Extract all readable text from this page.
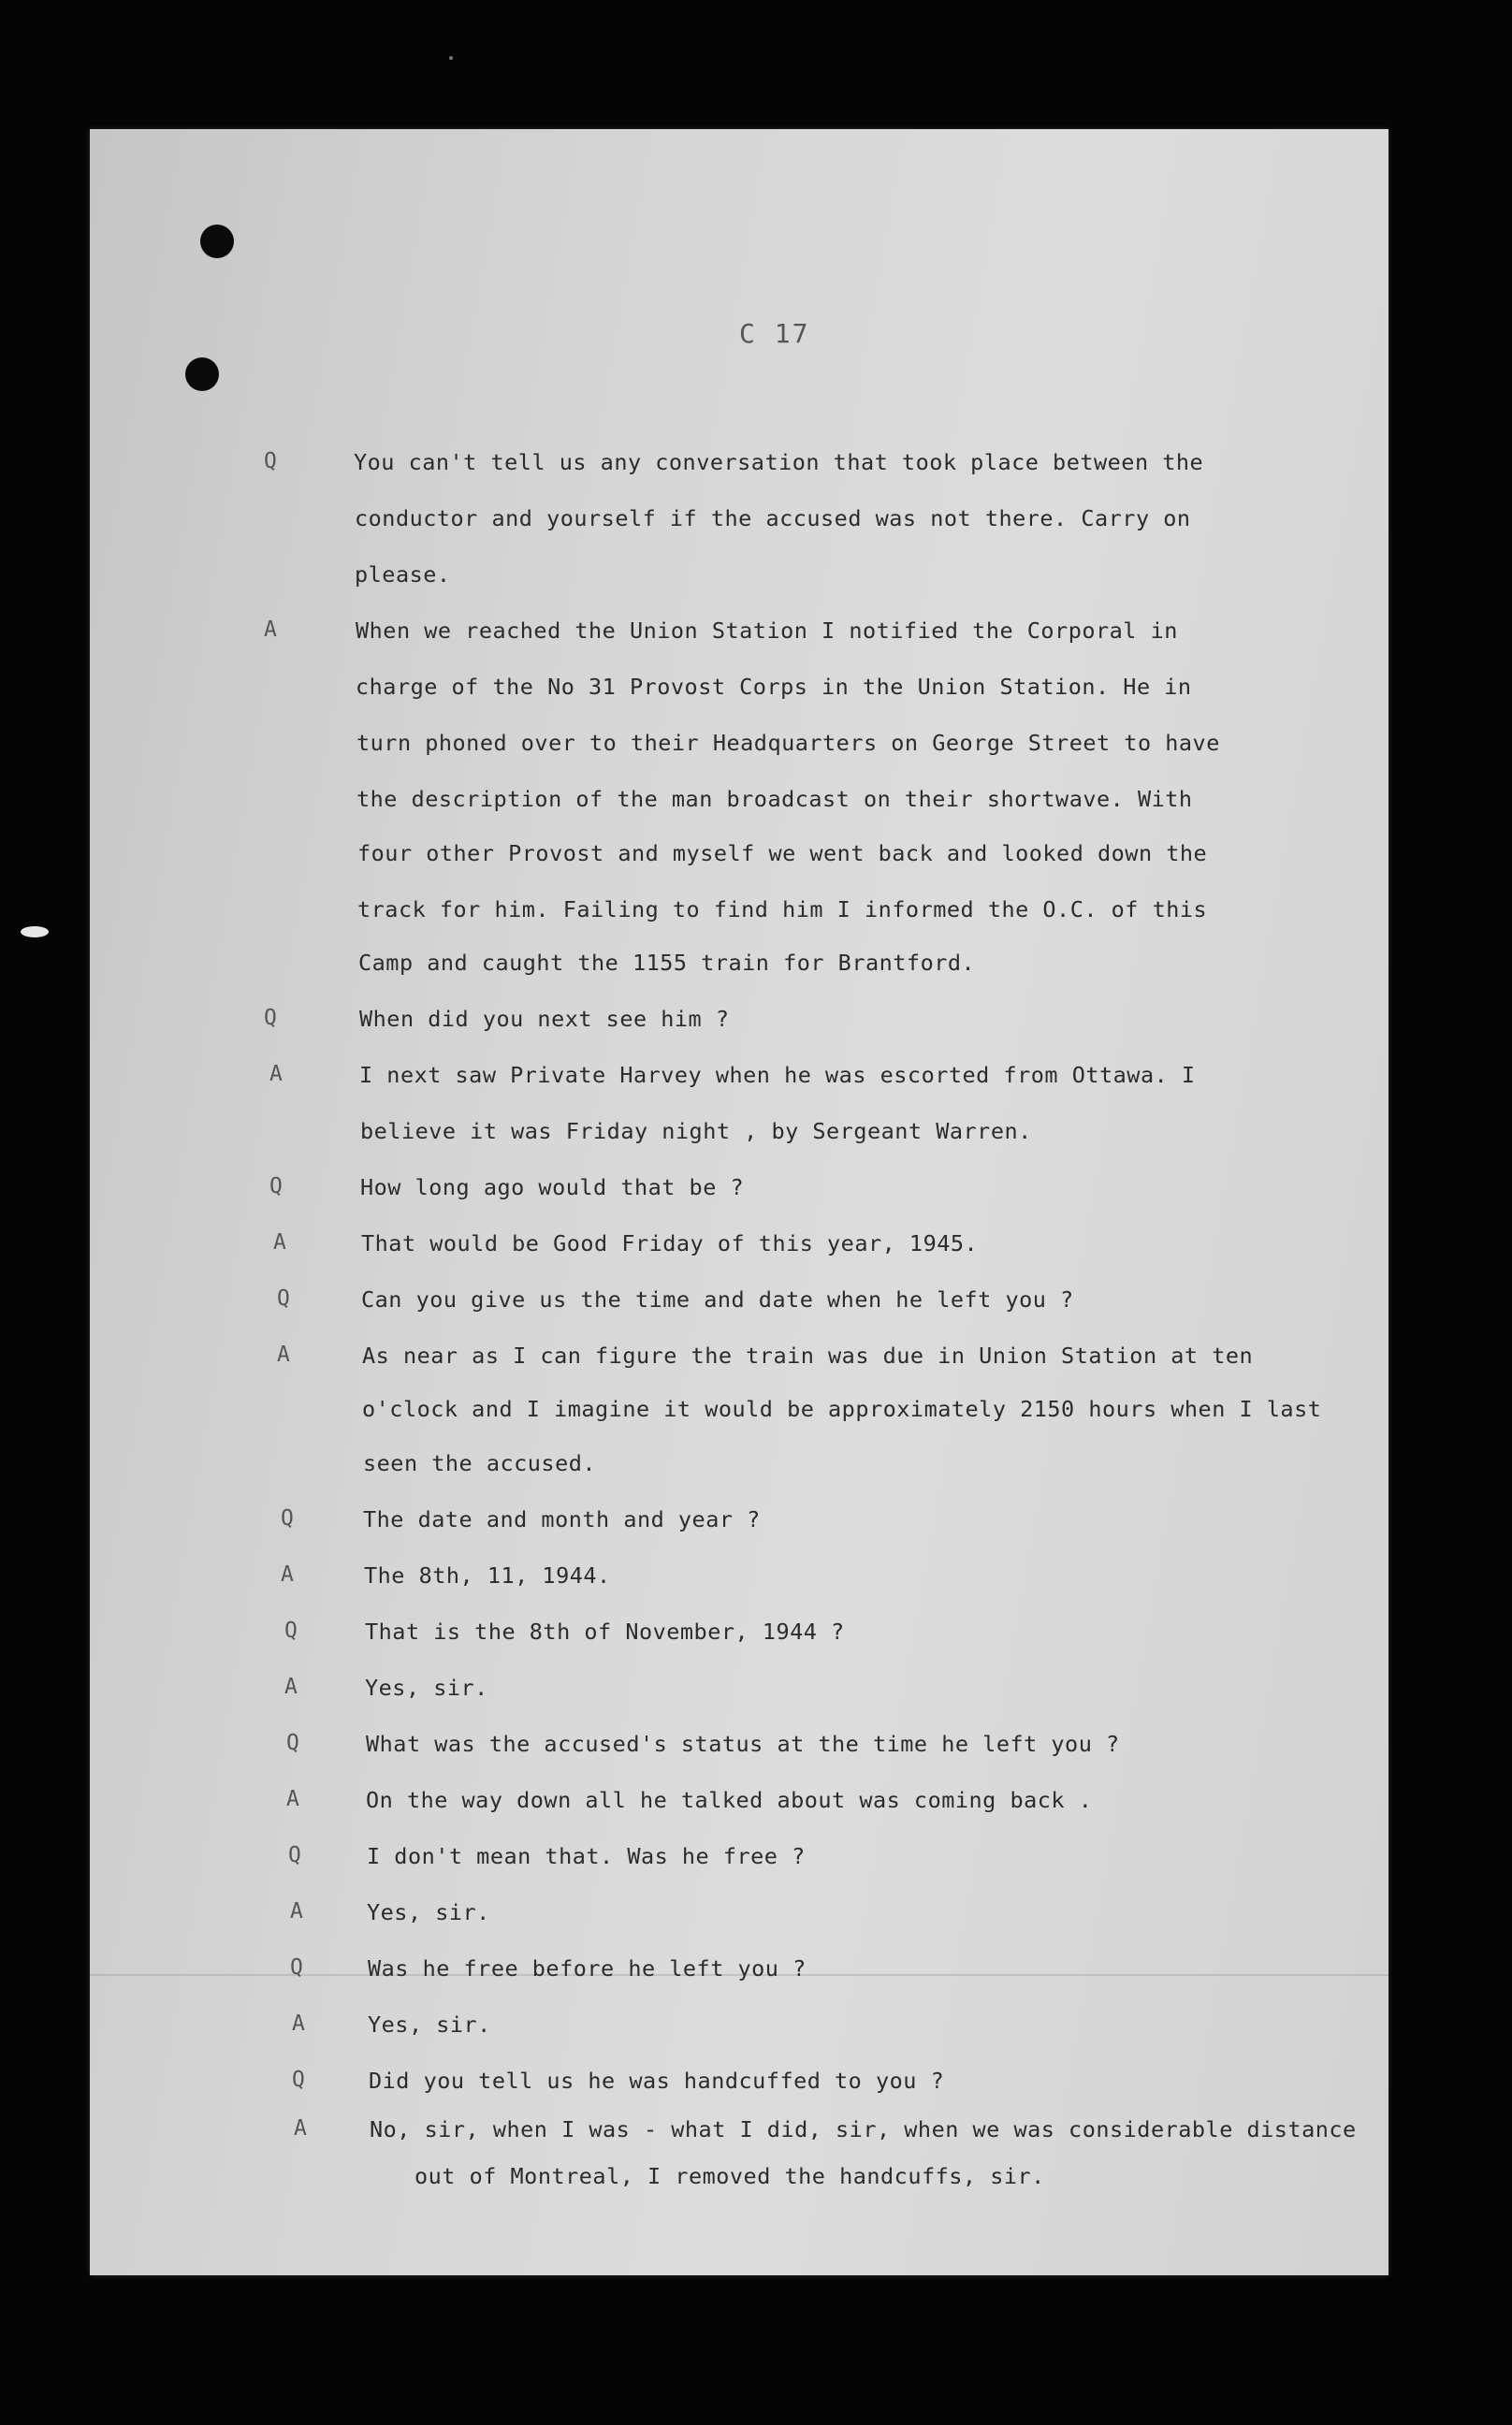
C 17
Q	You can't tell us any conversation that took place between the
conductor and yourself if the accused was not there. Carry on
please.
A	When we reached the Union Station I notified the Corporal in
charge of the No 31 Provost Corps in the Union Station. He in
turn phoned over to their Headquarters on George Street to have
the description of the man broadcast on their shortwave. With
four other Provost and myself we went back and looked down the
track for him. Failing to find him I informed the O.C. of this
Camp and caught the 1155 train for Brantford.
Q	When did you next see him ?
A	I next saw Private Harvey when he was escorted from Ottawa. I
believe it was Friday night , by Sergeant Warren.
Q	How long ago would that be ?
A	That would be Good Friday of this year, 1945.
Q	Can you give us the time and date when he left you ?
A	As near as I can figure the train was due in Union Station at ten
o'clock and I imagine it would be approximately 2150 hours when I last
seen the accused.
Q	The date and month and year ?
A	The 8th, 11, 1944.
Q	That is the 8th of November, 1944 ?
A	Yes, sir.
Q	What was the accused's status at the time he left you ?
A	On the way down all he talked about was coming back .
Q	I don't mean that. Was he free ?
A	Yes, sir.
Q	Was he free before he left you ?
A	Yes, sir.
Q	Did you tell us he was handcuffed to you ?
A	No, sir, when I was - what I did, sir, when we was considerable distance
out of Montreal, I removed the handcuffs, sir.
